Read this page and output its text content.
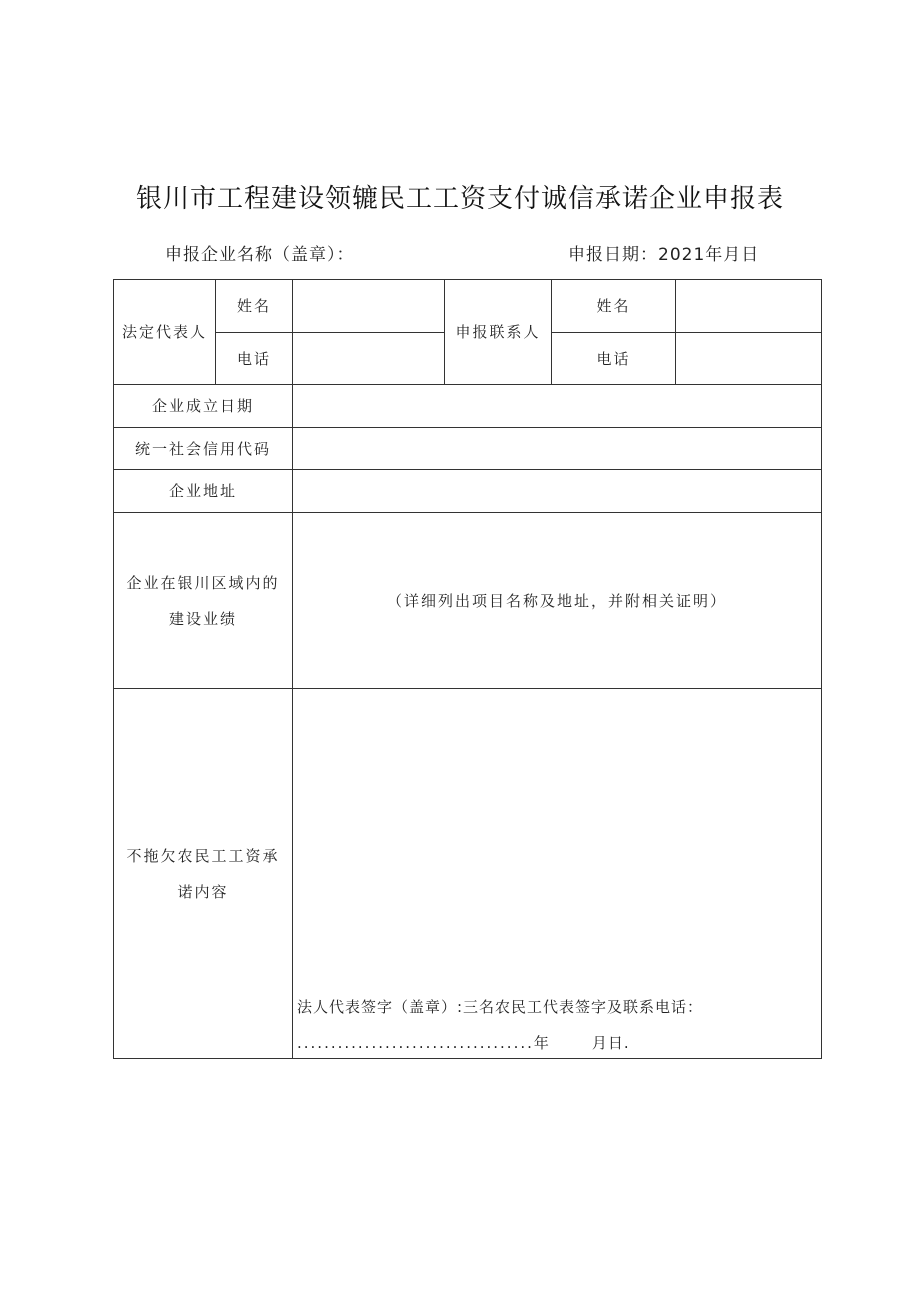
银川市工程建设领辘民工工资支付诚信承诺企业申报表
申报企业名称（盖章）：	申报日期：2021年月日
法定代表人	姓名		申报联系人	姓名	
	电话			电话	
企业成立日期					
统一社会信用代码					
企业地址					
企业在银川区域内的建设业绩		（详细列出项目名称及地址，并附相关证明）			
不拖欠农民工工资承诺内容		法人代表签字（盖章）:三名农民工代表签字及联系电话：
...................................年 月日.			
